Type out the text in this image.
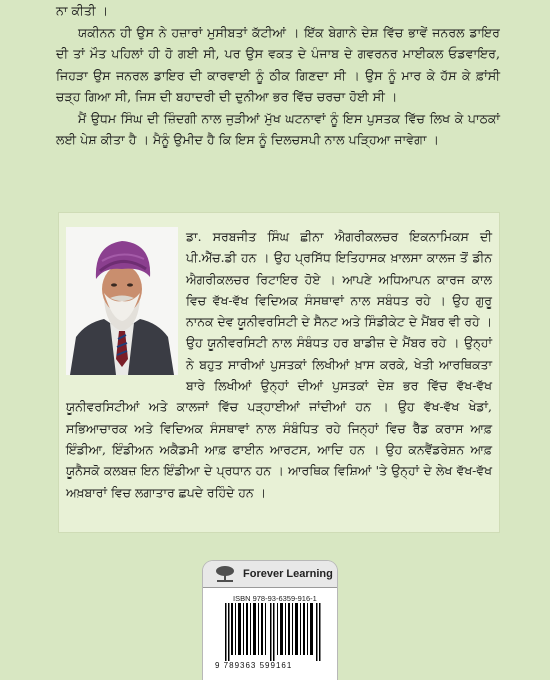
ਨਾ ਕੀਤੀ ।

ਯਕੀਨਨ ਹੀ ਉਸ ਨੇ ਹਜ਼ਾਰਾਂ ਮੁਸੀਬਤਾਂ ਕੱਟੀਆਂ । ਇੱਕ ਬੇਗਾਨੇ ਦੇਸ਼ ਵਿੱਚ ਭਾਵੇਂ ਜਨਰਲ ਡਾਇਰ ਦੀ ਤਾਂ ਮੌਤ ਪਹਿਲਾਂ ਹੀ ਹੋ ਗਈ ਸੀ, ਪਰ ਉਸ ਵਕਤ ਦੇ ਪੰਜਾਬ ਦੇ ਗਵਰਨਰ ਮਾਈਕਲ ਓਡਵਾਇਰ, ਜਿਹੜਾ ਉਸ ਜਨਰਲ ਡਾਇਰ ਦੀ ਕਾਰਵਾਈ ਨੂੰ ਠੀਕ ਗਿਣਦਾ ਸੀ । ਉਸ ਨੂੰ ਮਾਰ ਕੇ ਹੱਸ ਕੇ ਫ਼ਾਂਸੀ ਚੜ੍ਹ ਗਿਆ ਸੀ, ਜਿਸ ਦੀ ਬਹਾਦਰੀ ਦੀ ਦੁਨੀਆ ਭਰ ਵਿੱਚ ਚਰਚਾ ਹੋਈ ਸੀ ।

ਮੈਂ ਉਧਮ ਸਿੰਘ ਦੀ ਜ਼ਿੰਦਗੀ ਨਾਲ ਜੁੜੀਆਂ ਮੁੱਖ ਘਟਨਾਵਾਂ ਨੂੰ ਇਸ ਪੁਸਤਕ ਵਿੱਚ ਲਿਖ ਕੇ ਪਾਠਕਾਂ ਲਈ ਪੇਸ਼ ਕੀਤਾ ਹੈ । ਮੈਨੂੰ ਉਮੀਦ ਹੈ ਕਿ ਇਸ ਨੂੰ ਦਿਲਚਸਪੀ ਨਾਲ ਪੜ੍ਹਿਆ ਜਾਵੇਗਾ ।

ਡਾ. ਸਰਬਜੀਤ ਸਿੰਘ ਛੀਨਾ ਐਗਰੀਕਲਚਰ ਇਕਨਾਮਿਕਸ ਦੀ ਪੀ.ਐੱਚ.ਡੀ ਹਨ । ਉਹ ਪ੍ਰਸਿੱਧ ਇਤਿਹਾਸਕ ਖ਼ਾਲਸਾ ਕਾਲਜ ਤੋਂ ਡੀਨ ਐਗਰੀਕਲਚਰ ਰਿਟਾਇਰ ਹੋਏ । ਆਪਣੇ ਅਧਿਆਪਨ ਕਾਰਜ ਕਾਲ ਵਿਚ ਵੱਖ-ਵੱਖ ਵਿਦਿਅਕ ਸੰਸਥਾਵਾਂ ਨਾਲ ਸਬੰਧਤ ਰਹੇ । ਉਹ ਗੁਰੂ ਨਾਨਕ ਦੇਵ ਯੂਨੀਵਰਸਿਟੀ ਦੇ ਸੈਨਟ ਅਤੇ ਸਿੰਡੀਕੇਟ ਦੇ ਮੈਂਬਰ ਵੀ ਰਹੇ । ਉਹ ਯੂਨੀਵਰਸਿਟੀ ਨਾਲ ਸੰਬੰਧਤ ਹਰ ਬਾਡੀਜ਼ ਦੇ ਮੈਂਬਰ ਰਹੇ । ਉਨ੍ਹਾਂ ਨੇ ਬਹੁਤ ਸਾਰੀਆਂ ਪੁਸਤਕਾਂ ਲਿਖੀਆਂ ਖ਼ਾਸ ਕਰਕੇ, ਖੇਤੀ ਆਰਥਿਕਤਾ ਬਾਰੇ ਲਿਖੀਆਂ ਉਨ੍ਹਾਂ ਦੀਆਂ ਪੁਸਤਕਾਂ ਦੇਸ਼ ਭਰ ਵਿੱਚ ਵੱਖ-ਵੱਖ ਯੂਨੀਵਰਸਿਟੀਆਂ ਅਤੇ ਕਾਲਜਾਂ ਵਿੱਚ ਪੜ੍ਹਾਈਆਂ ਜਾਂਦੀਆਂ ਹਨ । ਉਹ ਵੱਖ-ਵੱਖ ਖੇਡਾਂ, ਸਭਿਆਚਾਰਕ ਅਤੇ ਵਿਦਿਅਕ ਸੰਸਥਾਵਾਂ ਨਾਲ ਸੰਬੰਧਿਤ ਰਹੇ ਜਿਨ੍ਹਾਂ ਵਿਚ ਰੈੱਡ ਕਰਾਸ ਆਫ਼ ਇੰਡੀਆ, ਇੰਡੀਅਨ ਅਕੈਡਮੀ ਆਫ਼ ਫਾਈਨ ਆਰਟਸ, ਆਦਿ ਹਨ । ਉਹ ਕਨਵੈਂਡਰੇਸ਼ਨ ਆਫ਼ ਯੂਨੈਸਕੋ ਕਲਬਜ਼ ਇਨ ਇੰਡੀਆ ਦੇ ਪ੍ਰਧਾਨ ਹਨ । ਆਰਥਿਕ ਵਿਸ਼ਿਆਂ 'ਤੇ ਉਨ੍ਹਾਂ ਦੇ ਲੇਖ ਵੱਖ-ਵੱਖ ਅਖ਼ਬਾਰਾਂ ਵਿਚ ਲਗਾਤਾਰ ਛਪਦੇ ਰਹਿੰਦੇ ਹਨ ।
Forever Learning
ISBN 978-93-6359-916-1
9 789363 599161
